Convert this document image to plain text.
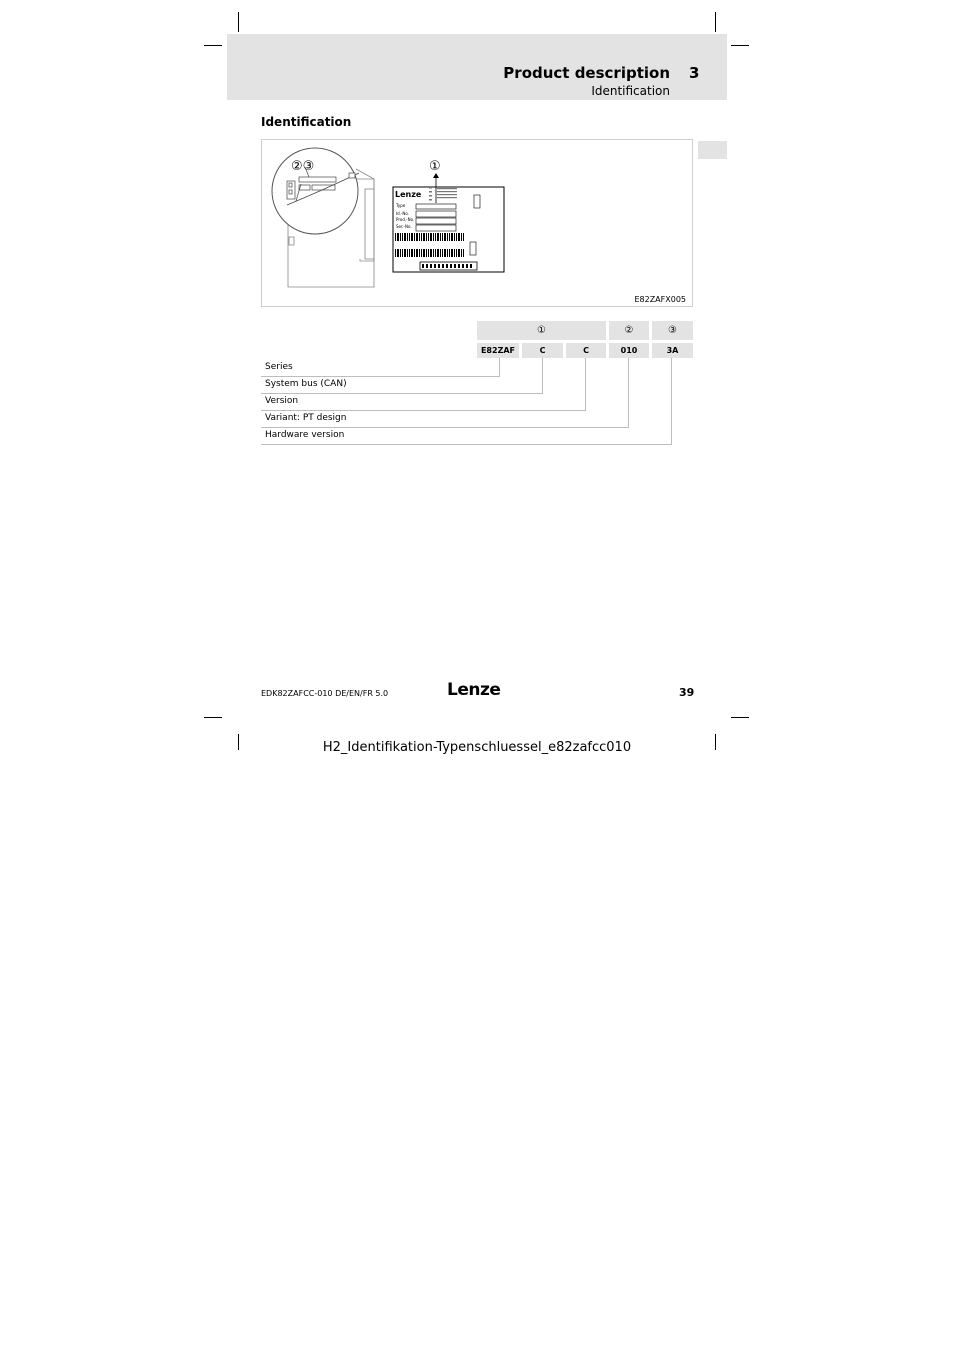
Product description 3
Identification
Identification
②③
Lenze
Type
Id.-No.
Prod.-No.
Ser.-No.
①
E82ZAFX005
①	②	③
E82ZAF	C	C	010	3A
Series
System bus (CAN)
Version
Variant: PT design
Hardware version
EDK82ZAFCC-010 DE/EN/FR 5.0	Lenze	39
H2_Identifikation-Typenschluessel_e82zafcc010
